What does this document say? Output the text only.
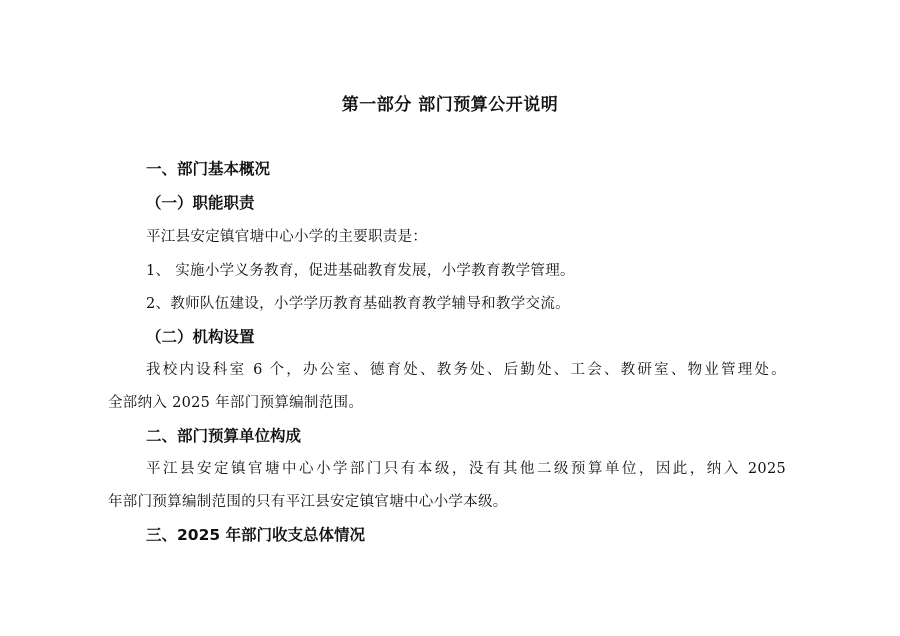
第一部分 部门预算公开说明
一、部门基本概况
（一）职能职责
平江县安定镇官塘中心小学的主要职责是：
1、 实施小学义务教育，促进基础教育发展，小学教育教学管理。
2、教师队伍建设，小学学历教育基础教育教学辅导和教学交流。
（二）机构设置
我校内设科室 6 个，办公室、德育处、教务处、后勤处、工会、教研室、物业管理处。
全部纳入 2025 年部门预算编制范围。
二、部门预算单位构成
平江县安定镇官塘中心小学部门只有本级，没有其他二级预算单位，因此，纳入 2025
年部门预算编制范围的只有平江县安定镇官塘中心小学本级。
三、2025 年部门收支总体情况
